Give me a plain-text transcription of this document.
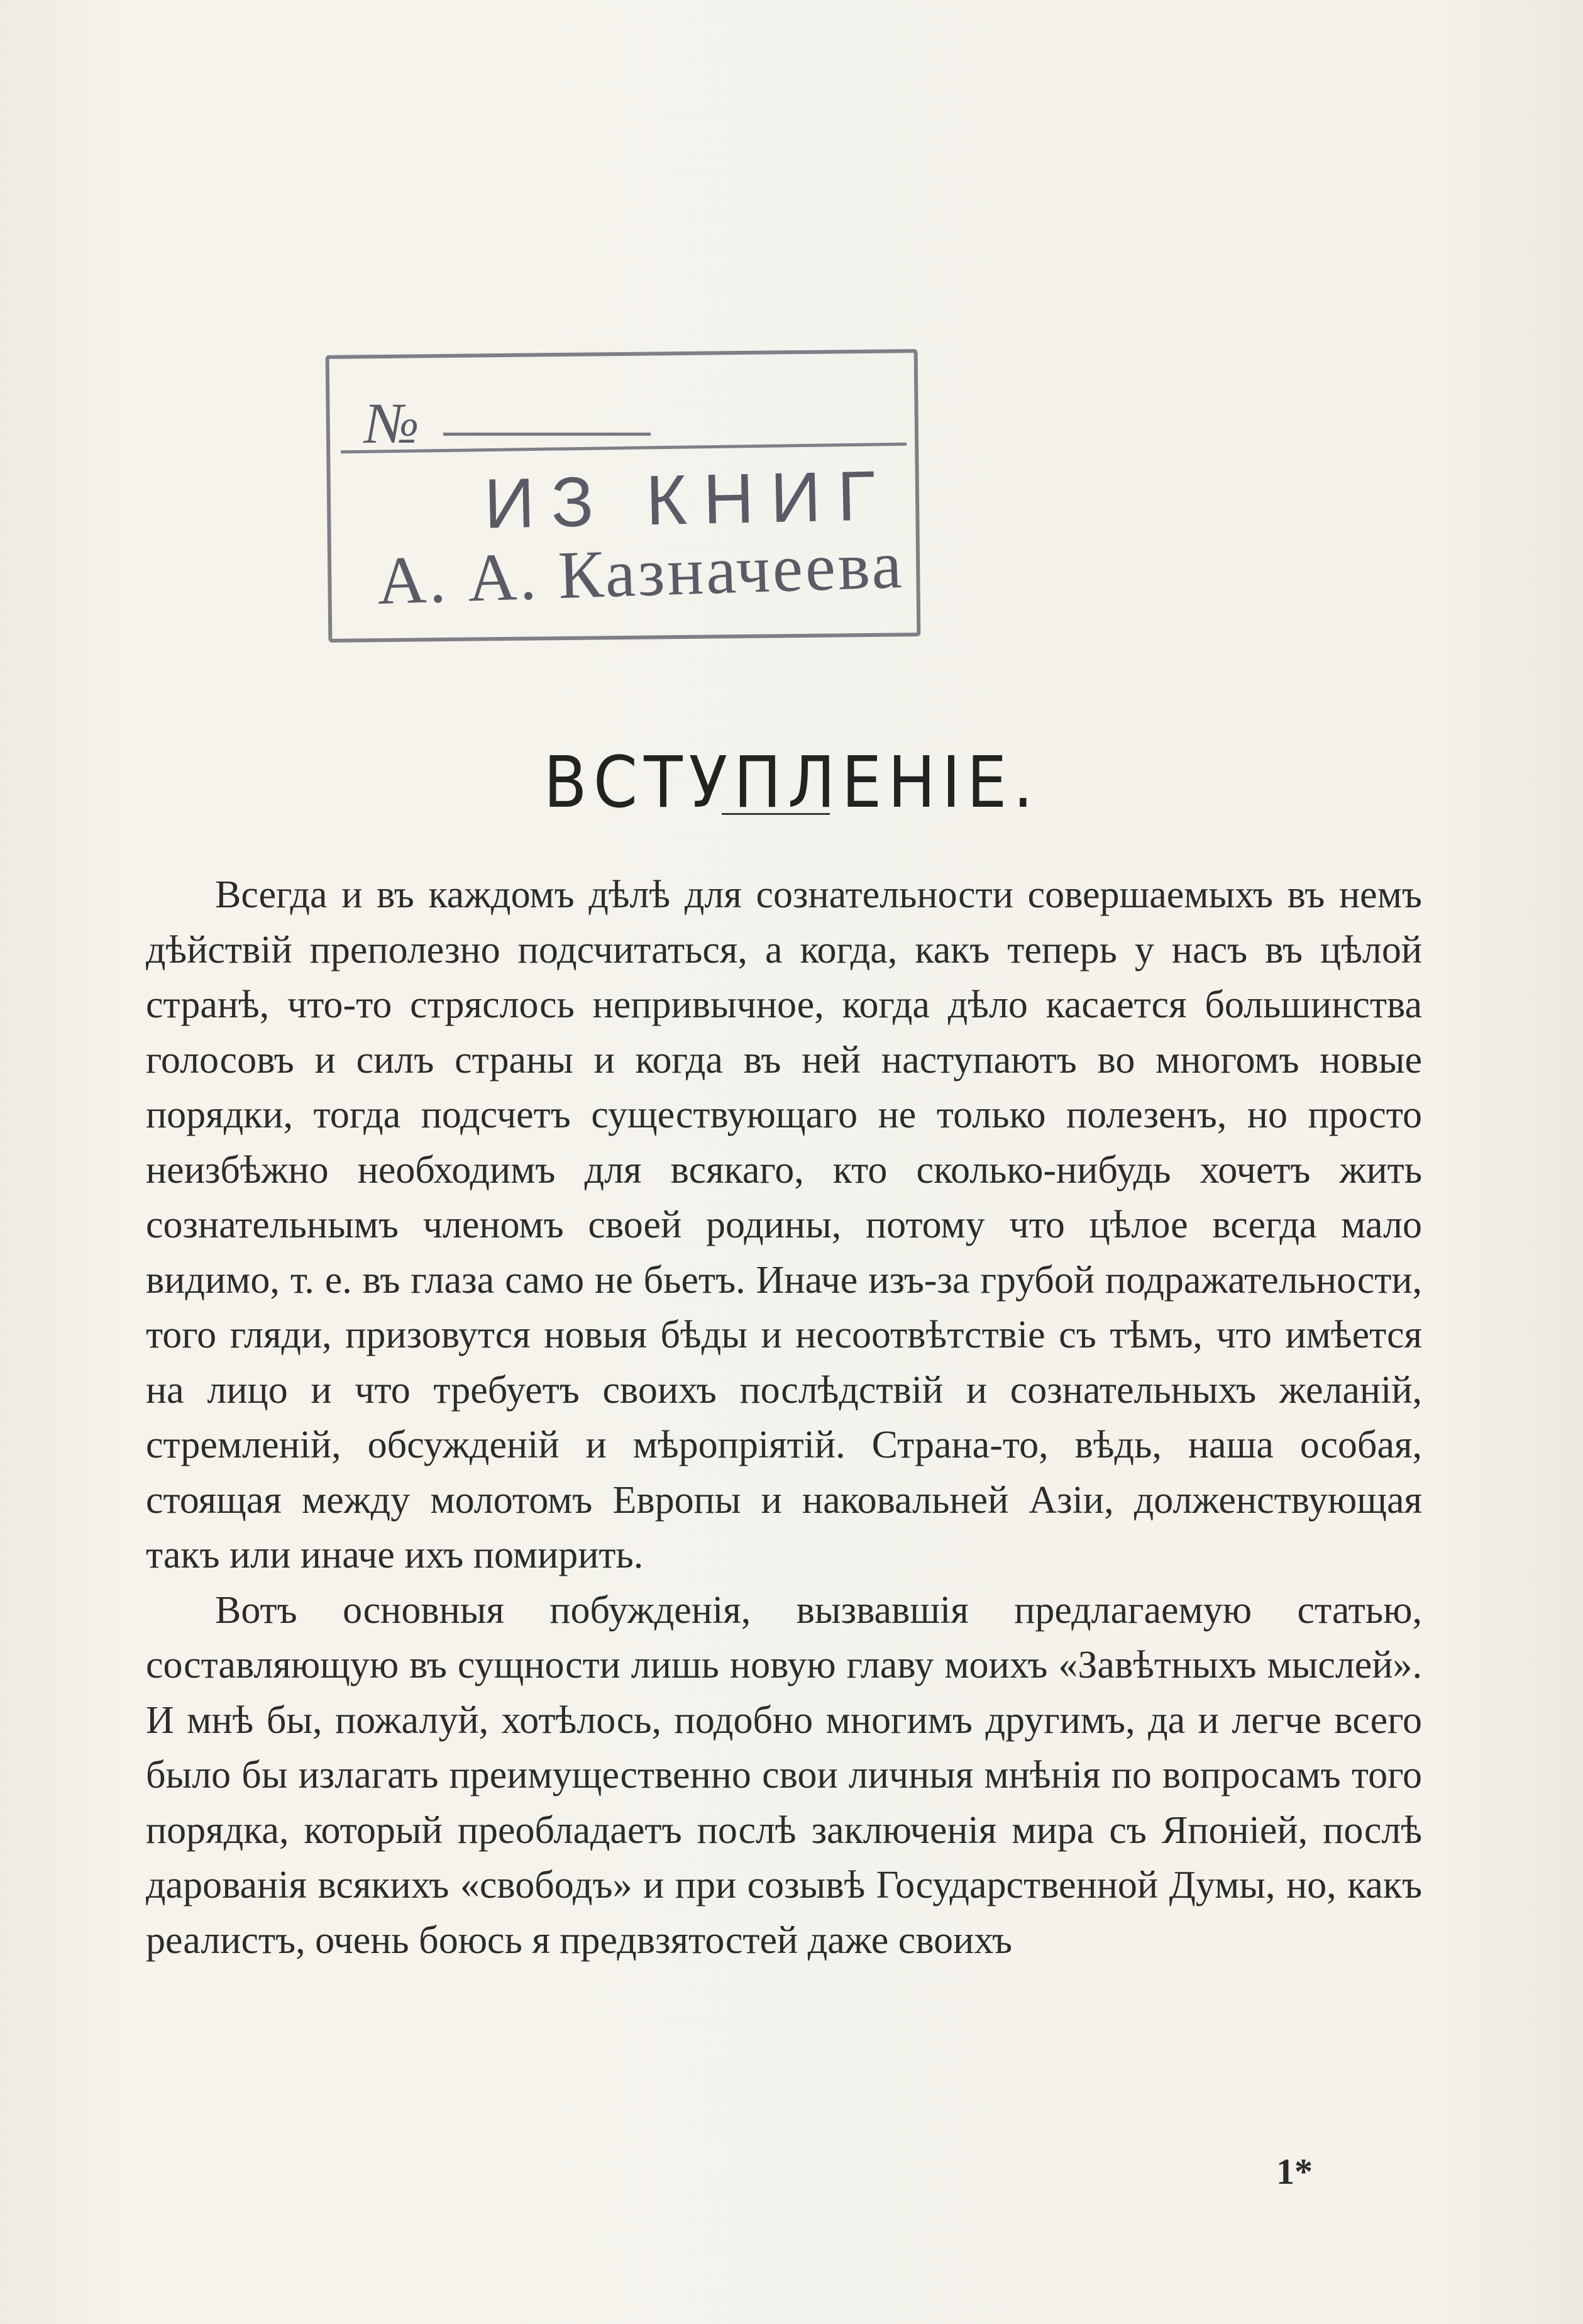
№
ИЗ КНИГ
А. А. Казначеева
ВСТУПЛЕНІЕ.

Всегда и въ каждомъ дѣлѣ для сознательности совершаемыхъ въ немъ дѣйствій преполезно подсчитаться, а когда, какъ теперь у насъ въ цѣлой странѣ, что-то стряслось непривычное, когда дѣло касается большинства голосовъ и силъ страны и когда въ ней наступаютъ во многомъ новые порядки, тогда подсчетъ существующаго не только полезенъ, но просто неизбѣжно необходимъ для всякаго, кто сколько-нибудь хочетъ жить сознательнымъ членомъ своей родины, потому что цѣлое всегда мало видимо, т. е. въ глаза само не бьетъ. Иначе изъ-за грубой подражательности, того гляди, призовутся новыя бѣды и несоотвѣтствіе съ тѣмъ, что имѣется на лицо и что требуетъ своихъ послѣдствій и сознательныхъ желаній, стремленій, обсужденій и мѣропріятій. Страна-то, вѣдь, наша особая, стоящая между молотомъ Европы и наковальней Азіи, долженствующая такъ или иначе ихъ помирить.

Вотъ основныя побужденія, вызвавшія предлагаемую статью, составляющую въ сущности лишь новую главу моихъ «Завѣтныхъ мыслей». И мнѣ бы, пожалуй, хотѣлось, подобно многимъ другимъ, да и легче всего было бы излагать преимущественно свои личныя мнѣнія по вопросамъ того порядка, который преобладаетъ послѣ заключенія мира съ Японіей, послѣ дарованія всякихъ «свободъ» и при созывѣ Государственной Думы, но, какъ реалистъ, очень боюсь я предвзятостей даже своихъ

1*
